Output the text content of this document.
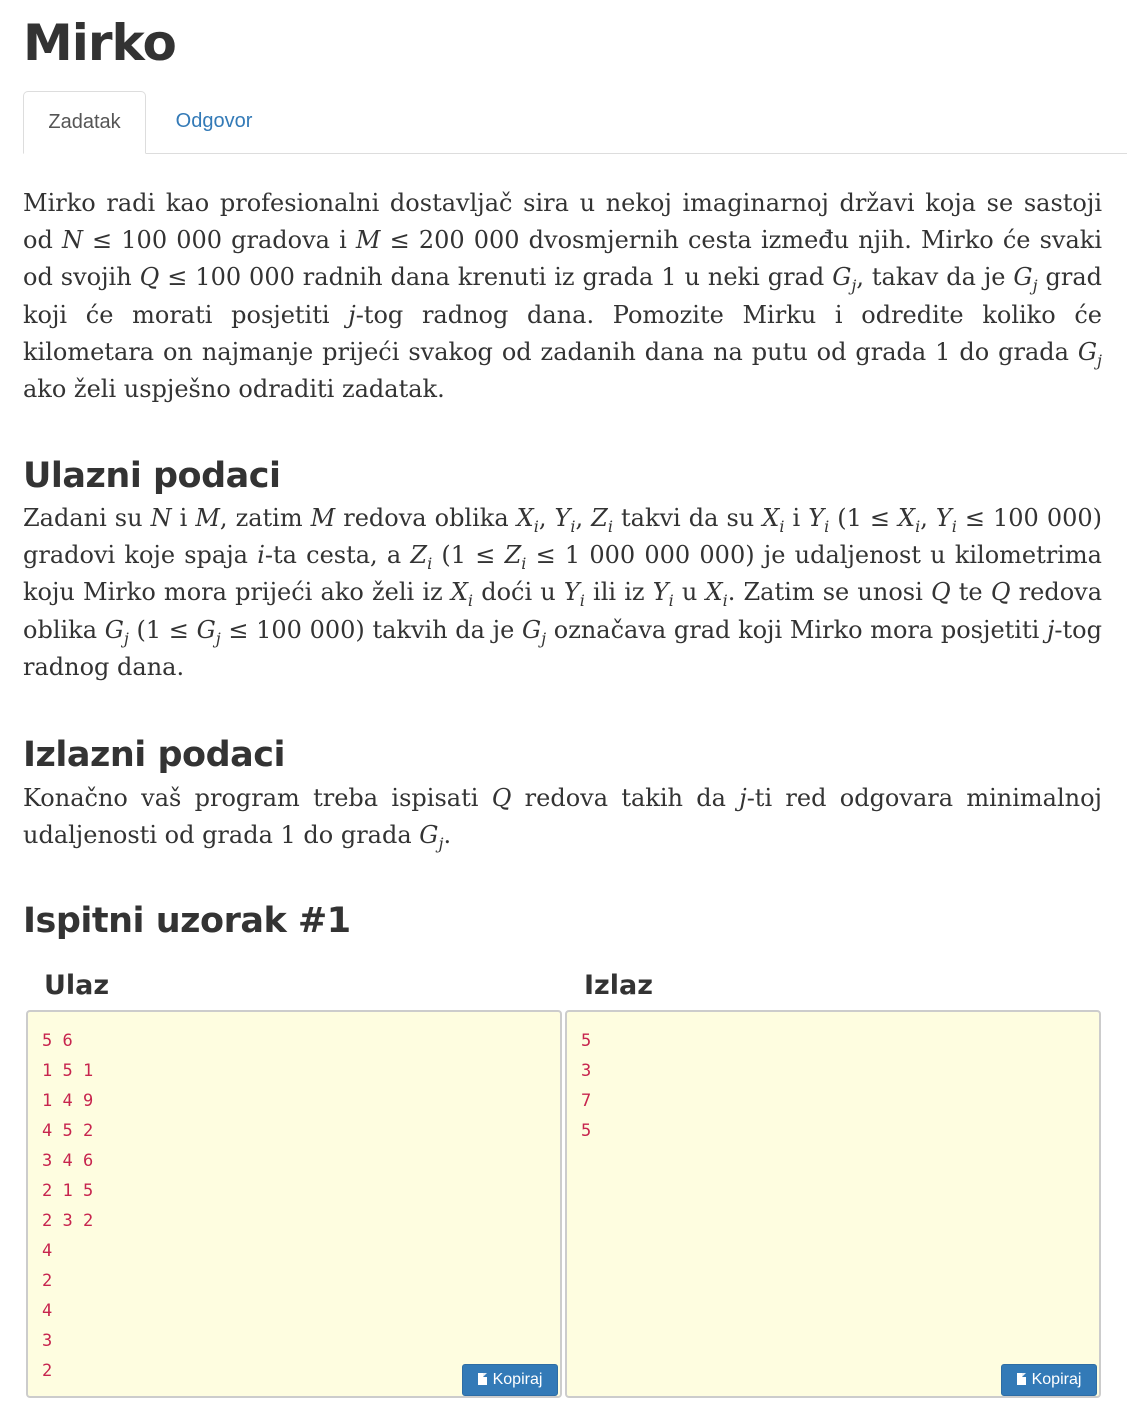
Mirko
Zadatak	Odgovor

Mirko radi kao profesionalni dostavljač sira u nekoj imaginarnoj državi koja se sastoji od N ≤ 100 000 gradova i M ≤ 200 000 dvosmjernih cesta između njih. Mirko će svaki od svojih Q ≤ 100 000 radnih dana krenuti iz grada 1 u neki grad $G_j$, takav da je $G_j$ grad koji će morati posjetiti j-tog radnog dana. Pomozite Mirku i odredite koliko će kilometara on najmanje prijeći svakog od zadanih dana na putu od grada 1 do grada $G_j$ ako želi uspješno odraditi zadatak.

Ulazni podaci

Zadani su N i M, zatim M redova oblika $X_i$, $Y_i$, $Z_i$ takvi da su $X_i$ i $Y_i$ ($1 \le X_i$, $Y_i \le 100$ 000) gradovi koje spaja i-ta cesta, a $Z_i$ ($1 \le Z_i \le 1$ 000 000 000) je udaljenost u kilometrima koju Mirko mora prijeći ako želi iz $X_i$ doći u $Y_i$ ili iz $Y_i$ u $X_i$. Zatim se unosi Q te Q redova oblika $G_j$ ($1 \le G_j \le 100$ 000) takvih da je $G_j$ označava grad koji Mirko mora posjetiti j-tog radnog dana.

Izlazni podaci

Konačno vaš program treba ispisati Q redova takih da j-ti red odgovara minimalnoj udaljenosti od grada 1 do grada $G_j$.

Ispitni uzorak #1
Ulaz	Izlaz
5 6
1 5 1
1 4 9
4 5 2
3 4 6
2 1 5
2 3 2
4
2
4
3
2	Kopiraj
5
3
7
5
Kopiraj
